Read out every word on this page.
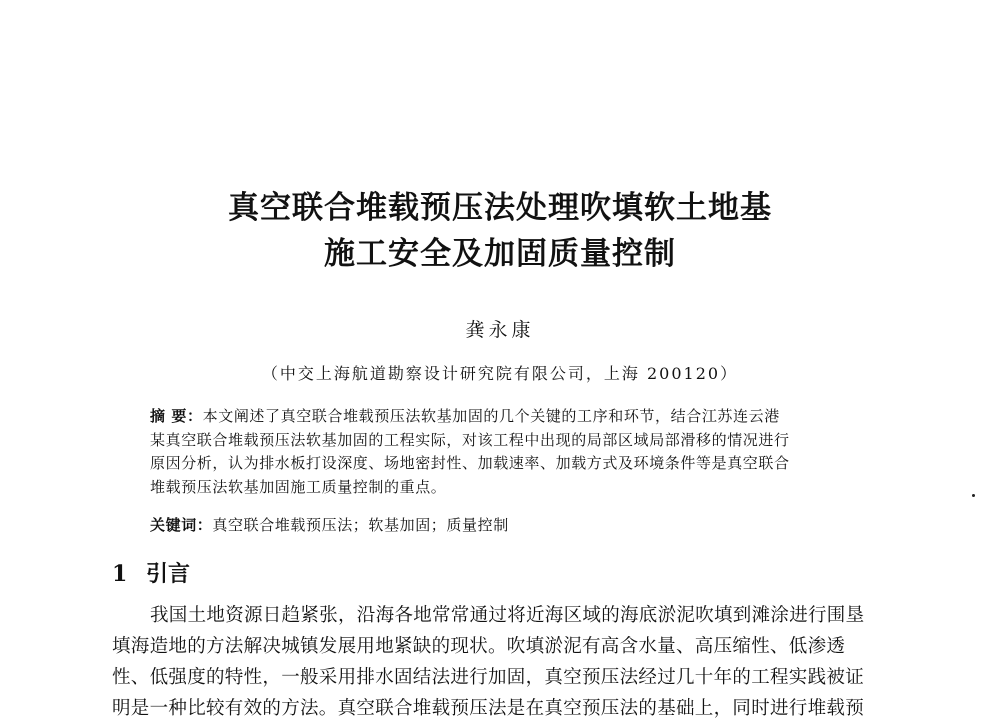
真空联合堆载预压法处理吹填软土地基
施工安全及加固质量控制
龚永康
（中交上海航道勘察设计研究院有限公司，上海 200120）
摘 要：本文阐述了真空联合堆载预压法软基加固的几个关键的工序和环节，结合江苏连云港
某真空联合堆载预压法软基加固的工程实际，对该工程中出现的局部区域局部滑移的情况进行
原因分析，认为排水板打设深度、场地密封性、加载速率、加载方式及环境条件等是真空联合
堆载预压法软基加固施工质量控制的重点。
关键词：真空联合堆载预压法；软基加固；质量控制
1 引言
我国土地资源日趋紧张，沿海各地常常通过将近海区域的海底淤泥吹填到滩涂进行围垦
填海造地的方法解决城镇发展用地紧缺的现状。吹填淤泥有高含水量、高压缩性、低渗透
性、低强度的特性，一般采用排水固结法进行加固，真空预压法经过几十年的工程实践被证
明是一种比较有效的方法。真空联合堆载预压法是在真空预压法的基础上，同时进行堆载预
